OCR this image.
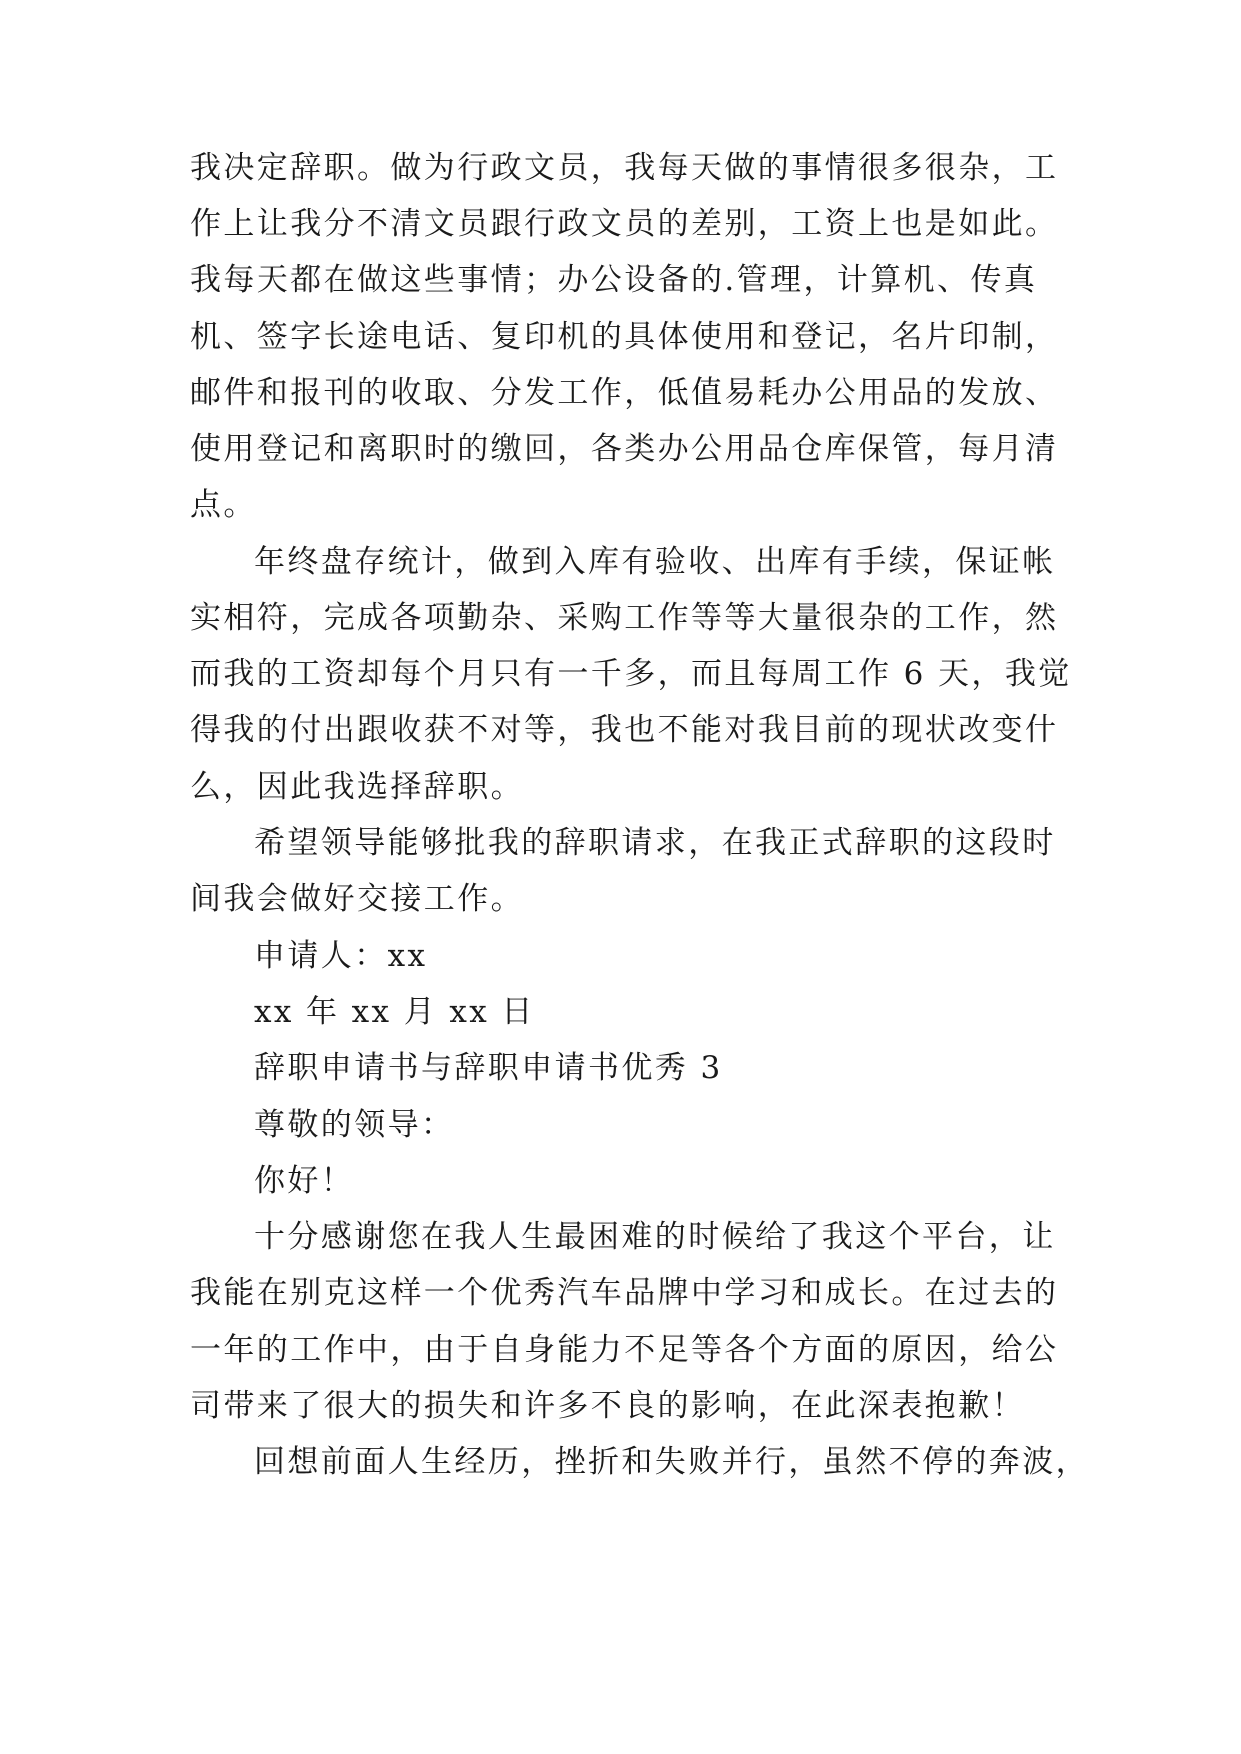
我决定辞职。做为行政文员，我每天做的事情很多很杂，工
作上让我分不清文员跟行政文员的差别，工资上也是如此。
我每天都在做这些事情；办公设备的.管理，计算机、传真
机、签字长途电话、复印机的具体使用和登记，名片印制，
邮件和报刊的收取、分发工作，低值易耗办公用品的发放、
使用登记和离职时的缴回，各类办公用品仓库保管，每月清
点。
年终盘存统计，做到入库有验收、出库有手续，保证帐
实相符，完成各项勤杂、采购工作等等大量很杂的工作，然
而我的工资却每个月只有一千多，而且每周工作 6 天，我觉
得我的付出跟收获不对等，我也不能对我目前的现状改变什
么，因此我选择辞职。
希望领导能够批我的辞职请求，在我正式辞职的这段时
间我会做好交接工作。
申请人：xx
xx 年 xx 月 xx 日
辞职申请书与辞职申请书优秀 3
尊敬的领导：
你好！
十分感谢您在我人生最困难的时候给了我这个平台，让
我能在别克这样一个优秀汽车品牌中学习和成长。在过去的
一年的工作中，由于自身能力不足等各个方面的原因，给公
司带来了很大的损失和许多不良的影响，在此深表抱歉！
回想前面人生经历，挫折和失败并行，虽然不停的奔波，
